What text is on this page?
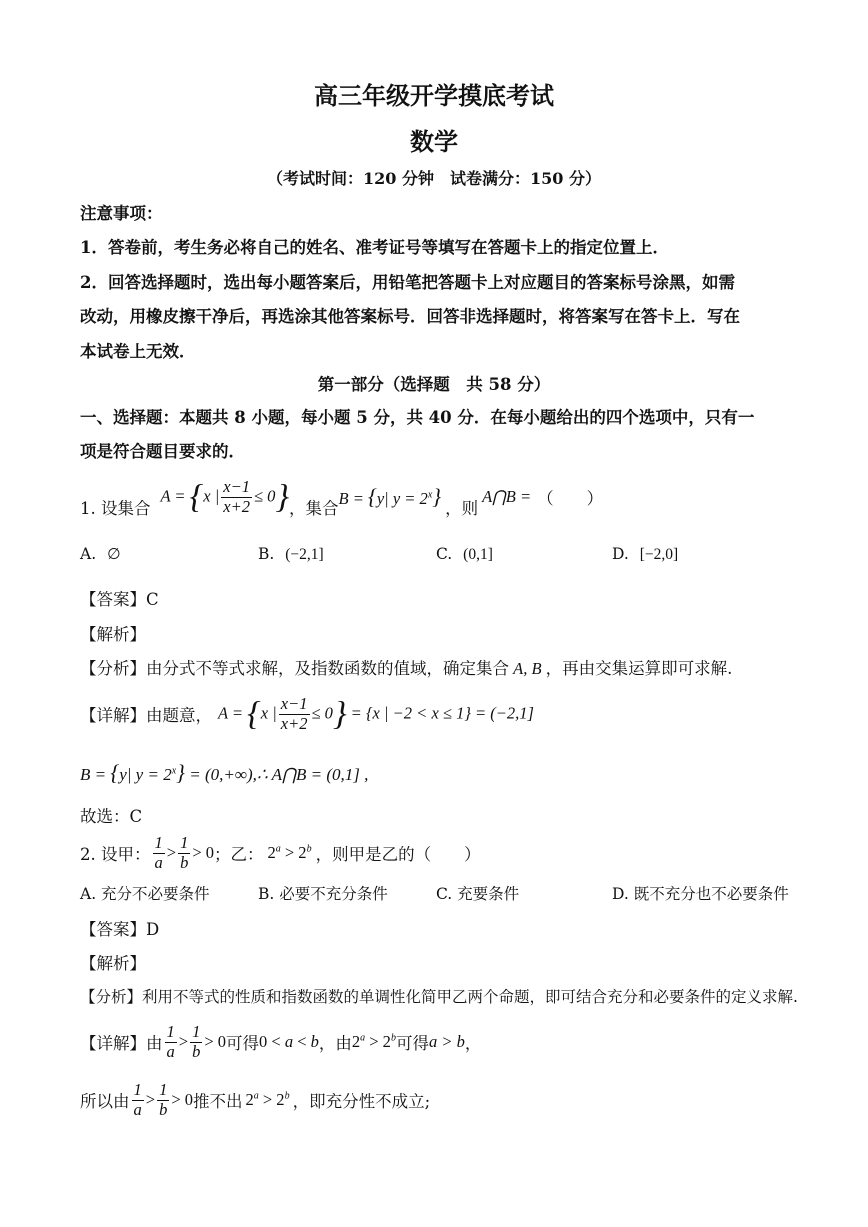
高三年级开学摸底考试
数学
（考试时间：120 分钟　试卷满分：150 分）
注意事项：
1．答卷前，考生务必将自己的姓名、准考证号等填写在答题卡上的指定位置上．
2．回答选择题时，选出每小题答案后，用铅笔把答题卡上对应题目的答案标号涂黑，如需
改动，用橡皮擦干净后，再选涂其他答案标号．回答非选择题时，将答案写在答卡上．写在
本试卷上无效．
第一部分（选择题　共 58 分）
一、选择题：本题共 8 小题，每小题 5 分，共 40 分．在每小题给出的四个选项中，只有一
项是符合题目要求的．
1. 设集合
A = {x | $\frac{x-1}{x+2} \le 0$} ，集合
B = {y| $y = 2^x$} ，则
A⋂B = （　　）
A. ∅	B. (−2,1]	C. (0,1]	D. [−2,0]
【答案】C
【解析】
【分析】由分式不等式求解，及指数函数的值域，确定集合 A, B ，再由交集运算即可求解.
【详解】由题意， A = {x | $\frac{x-1}{x+2} \le 0\} = \{x$ | −2 < x ≤ 1} = (−2,1]
B = {y| $y = 2^x$} = (0,+∞),∴ A⋂B = (0,1] ,
故选：C
2. 设甲： $\frac{1}{a} > \frac{1}{b} > 0$ ；乙： $2^a > 2^b$ ，则甲是乙的（　　）
A. 充分不必要条件	B. 必要不充分条件	C. 充要条件	D. 既不充分也不必要条件
【答案】D
【解析】
【分析】利用不等式的性质和指数函数的单调性化简甲乙两个命题，即可结合充分和必要条件的定义求解.
【详解】由 $\frac{1}{a} > \frac{1}{b} > 0$ 可得 0 < a < b ，由 $2^a > 2^b$ 可得 a > b ，
所以由 $\frac{1}{a} > \frac{1}{b} > 0$ 推不出 $2^a > 2^b$ ，即充分性不成立;
